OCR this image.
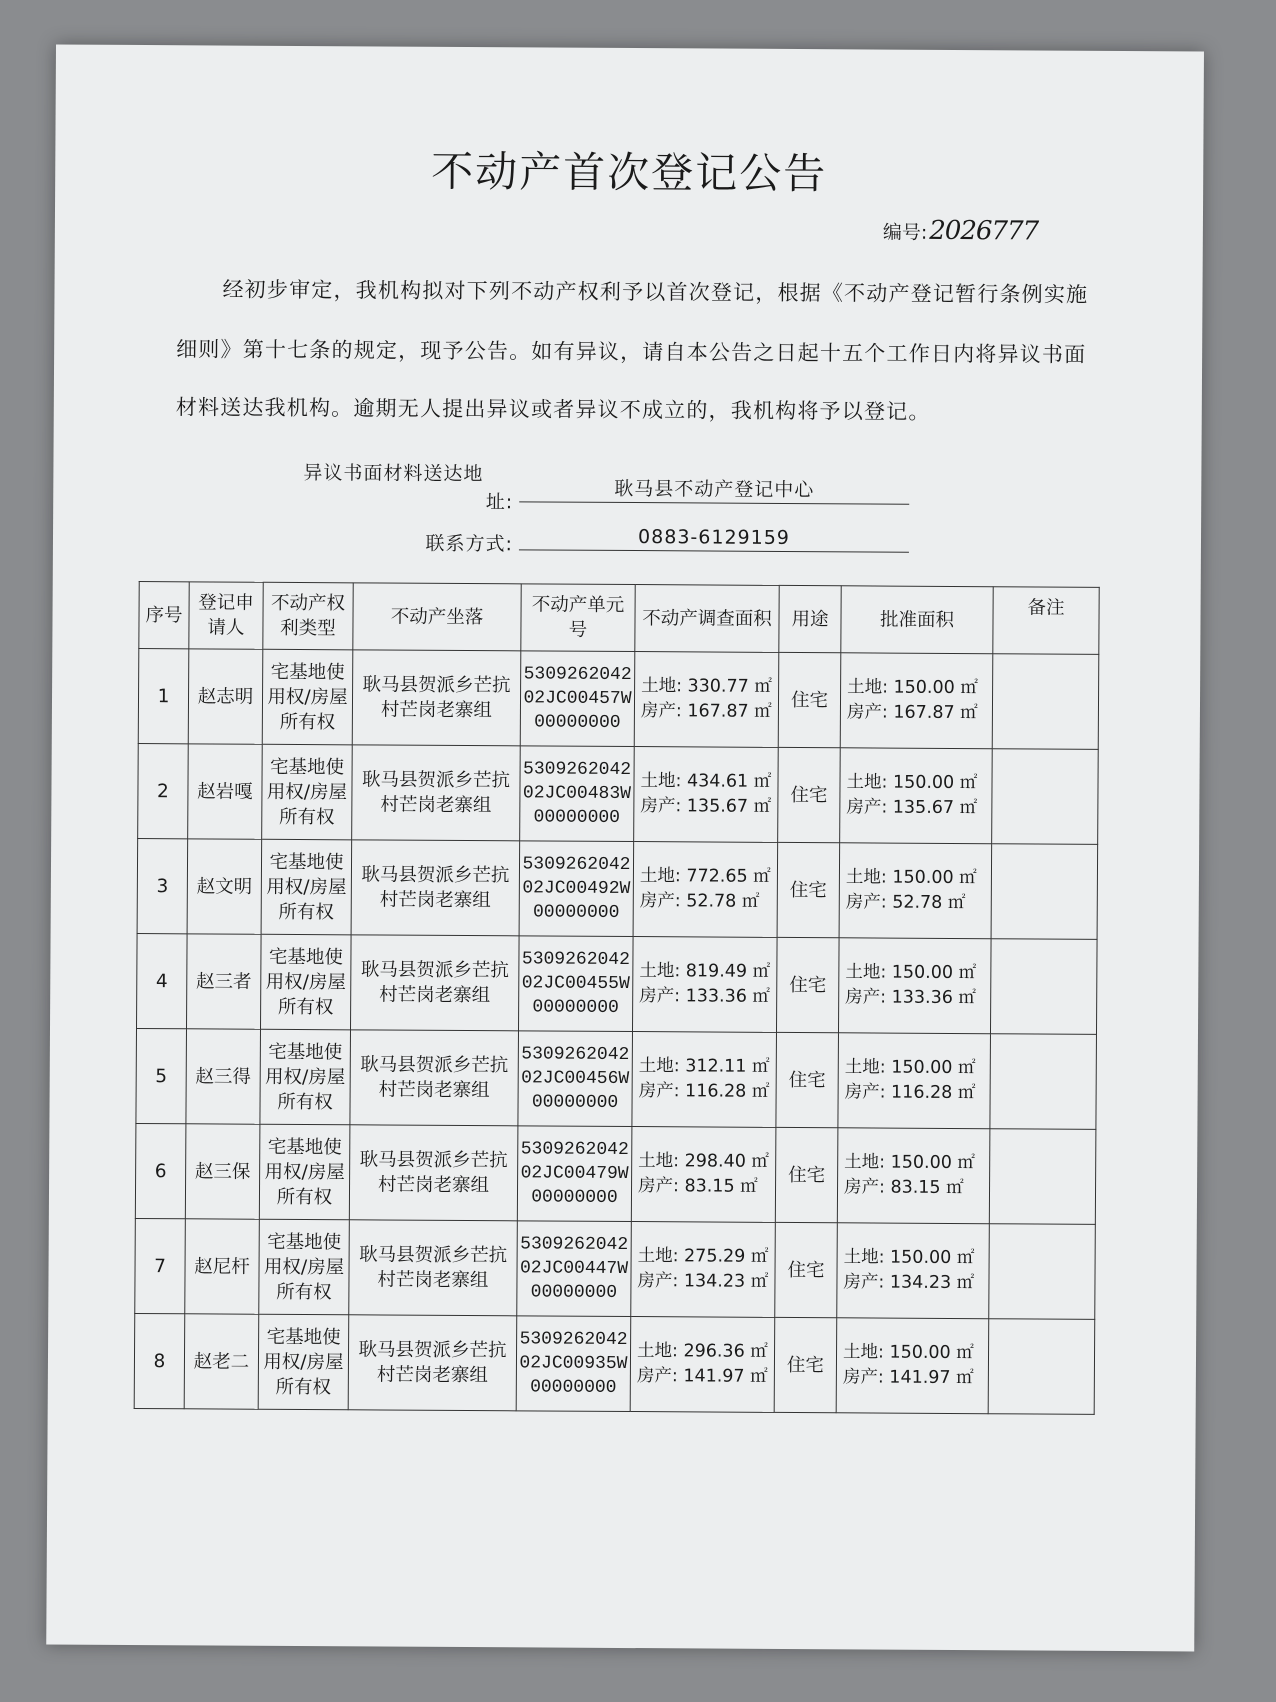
不动产首次登记公告
编号: 2026777
经初步审定，我机构拟对下列不动产权利予以首次登记，根据《不动产登记暂行条例实施
细则》第十七条的规定，现予公告。如有异议，请自本公告之日起十五个工作日内将异议书面
材料送达我机构。逾期无人提出异议或者异议不成立的，我机构将予以登记。
异议书面材料送达地
址:
耿马县不动产登记中心
联系方式:	0883-6129159
序号	登记申请人	不动产权利类型	不动产坐落	不动产单元号	不动产调查面积	用途	批准面积	备注
1	赵志明	宅基地使用权/房屋所有权	耿马县贺派乡芒抗村芒岗老寨组	530926204202JC00457W00000000	土地: 330.77 ㎡
房产: 167.87 ㎡	住宅	土地: 150.00 ㎡
房产: 167.87 ㎡	

2	赵岩嘎	宅基地使用权/房屋所有权	耿马县贺派乡芒抗村芒岗老寨组	530926204202JC00483W00000000	土地: 434.61 ㎡
房产: 135.67 ㎡	住宅	土地: 150.00 ㎡
房产: 135.67 ㎡	

3	赵文明	宅基地使用权/房屋所有权	耿马县贺派乡芒抗村芒岗老寨组	530926204202JC00492W00000000	土地: 772.65 ㎡
房产: 52.78 ㎡	住宅	土地: 150.00 ㎡
房产: 52.78 ㎡	

4	赵三者	宅基地使用权/房屋所有权	耿马县贺派乡芒抗村芒岗老寨组	530926204202JC00455W00000000	土地: 819.49 ㎡
房产: 133.36 ㎡	住宅	土地: 150.00 ㎡
房产: 133.36 ㎡	

5	赵三得	宅基地使用权/房屋所有权	耿马县贺派乡芒抗村芒岗老寨组	530926204202JC00456W00000000	土地: 312.11 ㎡
房产: 116.28 ㎡	住宅	土地: 150.00 ㎡
房产: 116.28 ㎡	

6	赵三保	宅基地使用权/房屋所有权	耿马县贺派乡芒抗村芒岗老寨组	530926204202JC00479W00000000	土地: 298.40 ㎡
房产: 83.15 ㎡	住宅	土地: 150.00 ㎡
房产: 83.15 ㎡	

7	赵尼杆	宅基地使用权/房屋所有权	耿马县贺派乡芒抗村芒岗老寨组	530926204202JC00447W00000000	土地: 275.29 ㎡
房产: 134.23 ㎡	住宅	土地: 150.00 ㎡
房产: 134.23 ㎡	

8	赵老二	宅基地使用权/房屋所有权	耿马县贺派乡芒抗村芒岗老寨组	530926204202JC00935W00000000	土地: 296.36 ㎡
房产: 141.97 ㎡	住宅	土地: 150.00 ㎡
房产: 141.97 ㎡	
